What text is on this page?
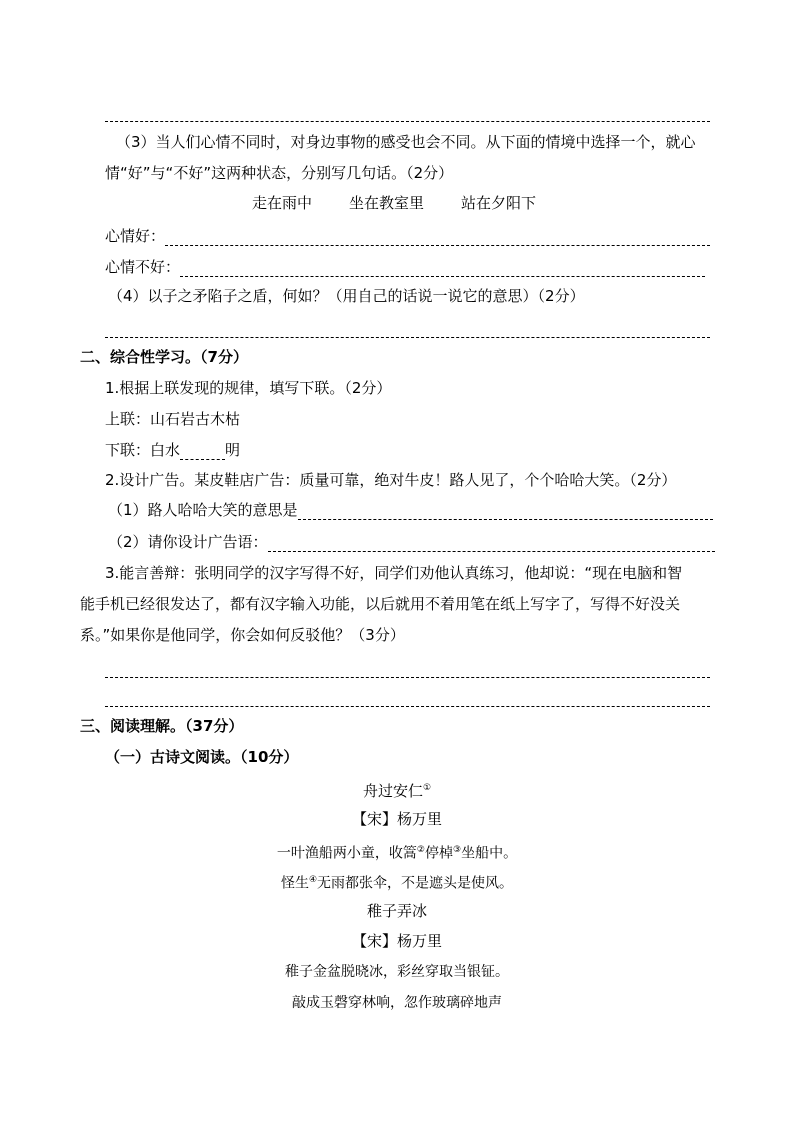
（3）当人们心情不同时，对身边事物的感受也会不同。从下面的情境中选择一个，就心
情“好”与“不好”这两种状态，分别写几句话。（2分）
走在雨中 坐在教室里 站在夕阳下
心情好：
心情不好：
（4）以子之矛陷子之盾，何如？（用自己的话说一说它的意思）（2分）
二、综合性学习。（7分）
1.根据上联发现的规律，填写下联。（2分）
上联：山石岩古木枯
下联：白水	明
2.设计广告。某皮鞋店广告：质量可靠，绝对牛皮！路人见了，个个哈哈大笑。（2分）
（1）路人哈哈大笑的意思是
（2）请你设计广告语：
3.能言善辩：张明同学的汉字写得不好，同学们劝他认真练习，他却说：“现在电脑和智
能手机已经很发达了，都有汉字输入功能，以后就用不着用笔在纸上写字了，写得不好没关
系。”如果你是他同学，你会如何反驳他？（3分）
三、阅读理解。（37分）
（一）古诗文阅读。（10分）
舟过安仁①
【宋】杨万里
一叶渔船两小童，收篙②停棹③坐船中。
怪生④无雨都张伞，不是遮头是使风。
稚子弄冰
【宋】杨万里
稚子金盆脱晓冰，彩丝穿取当银钲。
敲成玉磬穿林响，忽作玻璃碎地声
